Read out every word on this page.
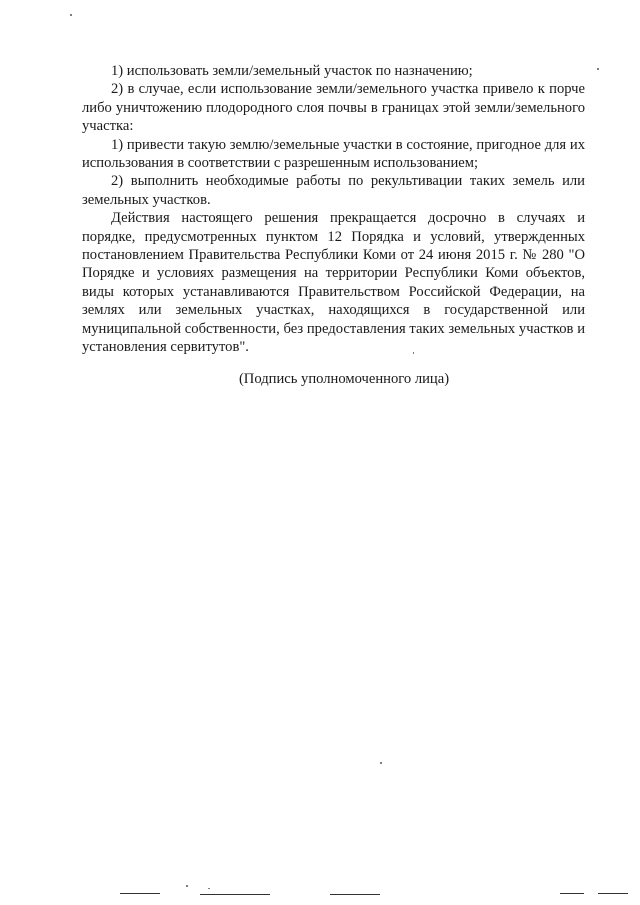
1) использовать земли/земельный участок по назначению;

2) в случае, если использование земли/земельного участка привело к порче либо уничтожению плодородного слоя почвы в границах этой земли/земельного участка:

1) привести такую землю/земельные участки в состояние, пригодное для их использования в соответствии с разрешенным использованием;

2) выполнить необходимые работы по рекультивации таких земель или земельных участков.

Действия настоящего решения прекращается досрочно в случаях и порядке, предусмотренных пунктом 12 Порядка и условий, утвержденных постановлением Правительства Республики Коми от 24 июня 2015 г. № 280 "О Порядке и условиях размещения на территории Республики Коми объектов, виды которых устанавливаются Правительством Российской Федерации, на землях или земельных участках, находящихся в государственной или муниципальной собственности, без предоставления таких земельных участков и установления сервитутов".

(Подпись уполномоченного лица)
